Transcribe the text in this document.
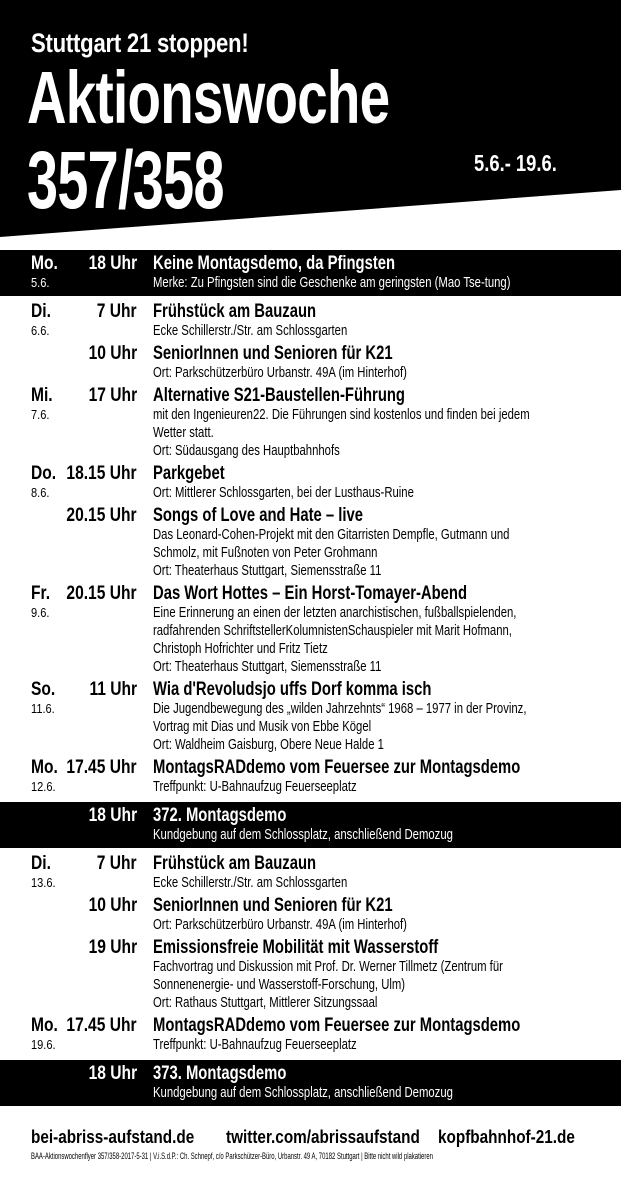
Stuttgart 21 stoppen!
Aktionswoche
357/358	5.6.- 19.6.
Mo. 18 Uhr Keine Montagsdemo, da Pfingsten
5.6.	Merke: Zu Pfingsten sind die Geschenke am geringsten (Mao Tse-tung)
Di. 7 Uhr Frühstück am Bauzaun
6.6.	Ecke Schillerstr./Str. am Schlossgarten
10 Uhr SeniorInnen und Senioren für K21
Ort: Parkschützerbüro Urbanstr. 49A (im Hinterhof)
Mi. 17 Uhr Alternative S21-Baustellen-Führung
7.6.	mit den Ingenieuren22. Die Führungen sind kostenlos und finden bei jedem
Wetter statt.
Ort: Südausgang des Hauptbahnhofs
Do. 18.15 Uhr Parkgebet
8.6.	Ort: Mittlerer Schlossgarten, bei der Lusthaus-Ruine
20.15 Uhr Songs of Love and Hate – live
Das Leonard-Cohen-Projekt mit den Gitarristen Dempfle, Gutmann und
Schmolz, mit Fußnoten von Peter Grohmann
Ort: Theaterhaus Stuttgart, Siemensstraße 11
Fr. 20.15 Uhr Das Wort Hottes – Ein Horst-Tomayer-Abend
9.6.	Eine Erinnerung an einen der letzten anarchistischen, fußballspielenden,
radfahrenden SchriftstellerKolumnistenSchauspieler mit Marit Hofmann,
Christoph Hofrichter und Fritz Tietz
Ort: Theaterhaus Stuttgart, Siemensstraße 11
So. 11 Uhr Wia d'Revoludsjo uffs Dorf komma isch
11.6.	Die Jugendbewegung des „wilden Jahrzehnts“ 1968 – 1977 in der Provinz,
Vortrag mit Dias und Musik von Ebbe Kögel
Ort: Waldheim Gaisburg, Obere Neue Halde 1
Mo. 17.45 Uhr MontagsRADdemo vom Feuersee zur Montagsdemo
12.6.	Treffpunkt: U-Bahnaufzug Feuerseeplatz
18 Uhr 372. Montagsdemo
Kundgebung auf dem Schlossplatz, anschließend Demozug
Di. 7 Uhr Frühstück am Bauzaun
13.6.	Ecke Schillerstr./Str. am Schlossgarten
10 Uhr SeniorInnen und Senioren für K21
Ort: Parkschützerbüro Urbanstr. 49A (im Hinterhof)
19 Uhr Emissionsfreie Mobilität mit Wasserstoff
Fachvortrag und Diskussion mit Prof. Dr. Werner Tillmetz (Zentrum für
Sonnenenergie- und Wasserstoff-Forschung, Ulm)
Ort: Rathaus Stuttgart, Mittlerer Sitzungssaal
Mo. 17.45 Uhr MontagsRADdemo vom Feuersee zur Montagsdemo
19.6.	Treffpunkt: U-Bahnaufzug Feuerseeplatz
18 Uhr 373. Montagsdemo
Kundgebung auf dem Schlossplatz, anschließend Demozug
bei-abriss-aufstand.de twitter.com/abrissaufstand kopfbahnhof-21.de
BAA-Aktionswochenflyer 357/358-2017-5-31 | V.i.S.d.P.: Ch. Schnepf, c/o Parkschützer-Büro, Urbanstr. 49 A, 70182 Stuttgart | Bitte nicht wild plakatieren
